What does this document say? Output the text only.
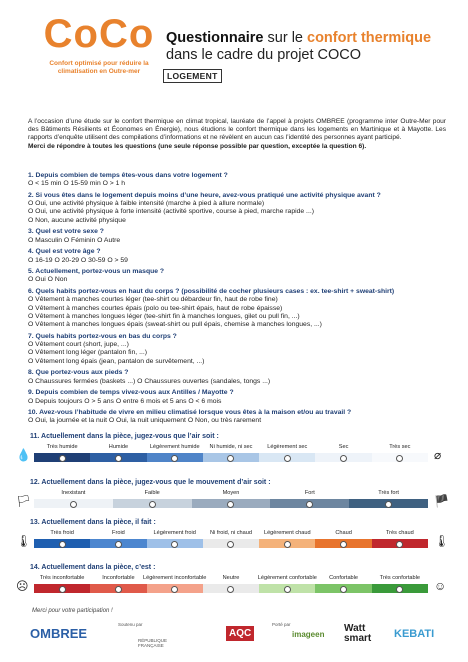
CoCo
Confort optimisé pour réduire la climatisation en Outre-mer
Questionnaire sur le confort thermique
dans le cadre du projet COCO
LOGEMENT
A l’occasion d’une étude sur le confort thermique en climat tropical, lauréate de l’appel à projets OMBREE (programme inter Outre-Mer pour des Bâtiments Résilients et Économes en Énergie), nous étudions le confort thermique dans les logements en Martinique et à Mayotte. Les rapports d’enquête utilisent des compilations d’informations et ne révèlent en aucun cas l’identité des personnes ayant participé.
Merci de répondre à toutes les questions (une seule réponse possible par question, exceptée la question 6).
1. Depuis combien de temps êtes-vous dans votre logement ?
O < 15 min O 15-59 min O > 1 h
2. Si vous êtes dans le logement depuis moins d’une heure, avez-vous pratiqué une activité physique avant ?
O Oui, une activité physique à faible intensité (marche à pied à allure normale)
O Oui, une activité physique à forte intensité (activité sportive, course à pied, marche rapide ...)
O Non, aucune activité physique
3. Quel est votre sexe ?
O Masculin O Féminin O Autre
4. Quel est votre âge ?
O 16-19 O 20-29 O 30-59 O > 59
5. Actuellement, portez-vous un masque ?
O Oui O Non
6. Quels habits portez-vous en haut du corps ? (possibilité de cocher plusieurs cases : ex. tee-shirt + sweat-shirt)
O Vêtement à manches courtes léger (tee-shirt ou débardeur fin, haut de robe fine)
O Vêtement à manches courtes épais (polo ou tee-shirt épais, haut de robe épaisse)
O Vêtement à manches longues léger (tee-shirt fin à manches longues, gilet ou pull fin, ...)
O Vêtement à manches longues épais (sweat-shirt ou pull épais, chemise à manches longues, ...)
7. Quels habits portez-vous en bas du corps ?
O Vêtement court (short, jupe, ...)
O Vêtement long léger (pantalon fin, ...)
O Vêtement long épais (jean, pantalon de survêtement, ...)
8. Que portez-vous aux pieds ?
O Chaussures fermées (baskets ...) O Chaussures ouvertes (sandales, tongs ...)
9. Depuis combien de temps vivez-vous aux Antilles / Mayotte ?
O Depuis toujours O > 5 ans O entre 6 mois et 5 ans O < 6 mois
10. Avez-vous l’habitude de vivre en milieu climatisé lorsque vous êtes à la maison et/ou au travail ?
O Oui, la journée et la nuit O Oui, la nuit uniquement O Non, ou très rarement
11. Actuellement dans la pièce, jugez-vous que l’air soit :
Très humide	Humide	Légèrement humide Ni humide, ni sec	Légèrement sec	Sec	Très sec
💧	⌀
12. Actuellement dans la pièce, jugez-vous que le mouvement d’air soit :
Inexistant	Faible	Moyen	Fort	Très fort
🏳	🏴
13. Actuellement dans la pièce, il fait :
Très froid	Froid	Légèrement froid	Ni froid, ni chaud Légèrement chaud	Chaud	Très chaud
🌡	🌡
14. Actuellement dans la pièce, c’est :
Très inconfortable	Inconfortable Légèrement inconfortable	Neutre	Légèrement confortable Confortable	Très confortable
☹	☺
Merci pour votre participation !
OMBREE
Soutenu par
RÉPUBLIQUE FRANÇAISE
AQC
Porté par
imageen
Watt smart	KEBATI
